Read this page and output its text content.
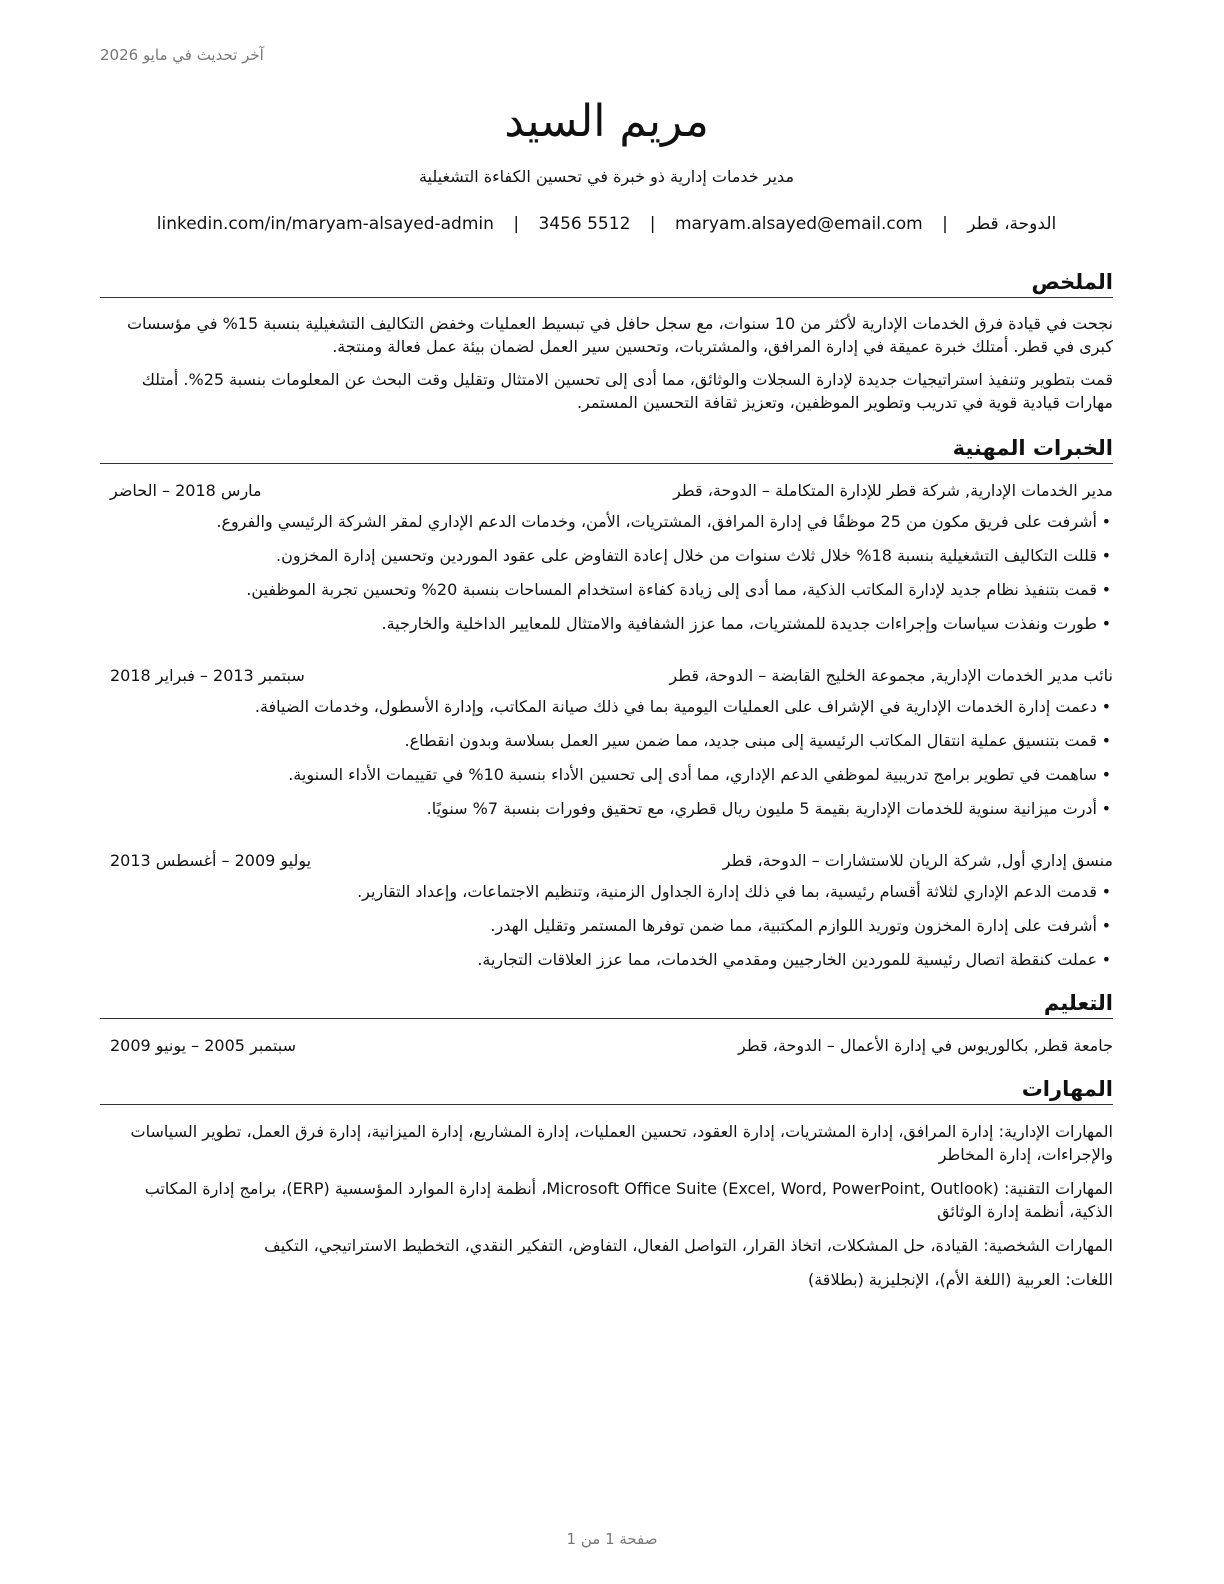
آخر تحديث في مايو 2026
مريم السيد
مدير خدمات إدارية ذو خبرة في تحسين الكفاءة التشغيلية
الدوحة، قطر | maryam.alsayed@email.com | 3456 5512 | linkedin.com/in/maryam-alsayed-admin
الملخص

نجحت في قيادة فرق الخدمات الإدارية لأكثر من 10 سنوات، مع سجل حافل في تبسيط العمليات وخفض التكاليف التشغيلية بنسبة 15% في مؤسسات كبرى في قطر. أمتلك خبرة عميقة في إدارة المرافق، والمشتريات، وتحسين سير العمل لضمان بيئة عمل فعالة ومنتجة.

قمت بتطوير وتنفيذ استراتيجيات جديدة لإدارة السجلات والوثائق، مما أدى إلى تحسين الامتثال وتقليل وقت البحث عن المعلومات بنسبة 25%. أمتلك مهارات قيادية قوية في تدريب وتطوير الموظفين، وتعزيز ثقافة التحسين المستمر.

الخبرات المهنية
مدير الخدمات الإدارية, شركة قطر للإدارة المتكاملة – الدوحة، قطر
مارس 2018 – الحاضر
• أشرفت على فريق مكون من 25 موظفًا في إدارة المرافق، المشتريات، الأمن، وخدمات الدعم الإداري لمقر الشركة الرئيسي والفروع.
• قللت التكاليف التشغيلية بنسبة 18% خلال ثلاث سنوات من خلال إعادة التفاوض على عقود الموردين وتحسين إدارة المخزون.
• قمت بتنفيذ نظام جديد لإدارة المكاتب الذكية، مما أدى إلى زيادة كفاءة استخدام المساحات بنسبة 20% وتحسين تجربة الموظفين.
• طورت ونفذت سياسات وإجراءات جديدة للمشتريات، مما عزز الشفافية والامتثال للمعايير الداخلية والخارجية.
نائب مدير الخدمات الإدارية, مجموعة الخليج القابضة – الدوحة، قطر
سبتمبر 2013 – فبراير 2018
• دعمت إدارة الخدمات الإدارية في الإشراف على العمليات اليومية بما في ذلك صيانة المكاتب، وإدارة الأسطول، وخدمات الضيافة.
• قمت بتنسيق عملية انتقال المكاتب الرئيسية إلى مبنى جديد، مما ضمن سير العمل بسلاسة وبدون انقطاع.
• ساهمت في تطوير برامج تدريبية لموظفي الدعم الإداري، مما أدى إلى تحسين الأداء بنسبة 10% في تقييمات الأداء السنوية.
• أدرت ميزانية سنوية للخدمات الإدارية بقيمة 5 مليون ريال قطري، مع تحقيق وفورات بنسبة 7% سنويًا.
منسق إداري أول, شركة الريان للاستشارات – الدوحة، قطر
يوليو 2009 – أغسطس 2013
• قدمت الدعم الإداري لثلاثة أقسام رئيسية، بما في ذلك إدارة الجداول الزمنية، وتنظيم الاجتماعات، وإعداد التقارير.
• أشرفت على إدارة المخزون وتوريد اللوازم المكتبية، مما ضمن توفرها المستمر وتقليل الهدر.
• عملت كنقطة اتصال رئيسية للموردين الخارجيين ومقدمي الخدمات، مما عزز العلاقات التجارية.
التعليم
جامعة قطر, بكالوريوس في إدارة الأعمال – الدوحة، قطر
سبتمبر 2005 – يونيو 2009
المهارات

المهارات الإدارية: إدارة المرافق، إدارة المشتريات، إدارة العقود، تحسين العمليات، إدارة المشاريع، إدارة الميزانية، إدارة فرق العمل، تطوير السياسات والإجراءات، إدارة المخاطر

المهارات التقنية: Microsoft Office Suite (Excel, Word, PowerPoint, Outlook)، أنظمة إدارة الموارد المؤسسية (ERP)، برامج إدارة المكاتب الذكية، أنظمة إدارة الوثائق

المهارات الشخصية: القيادة، حل المشكلات، اتخاذ القرار، التواصل الفعال، التفاوض، التفكير النقدي، التخطيط الاستراتيجي، التكيف

اللغات: العربية (اللغة الأم)، الإنجليزية (بطلاقة)

صفحة 1 من 1
